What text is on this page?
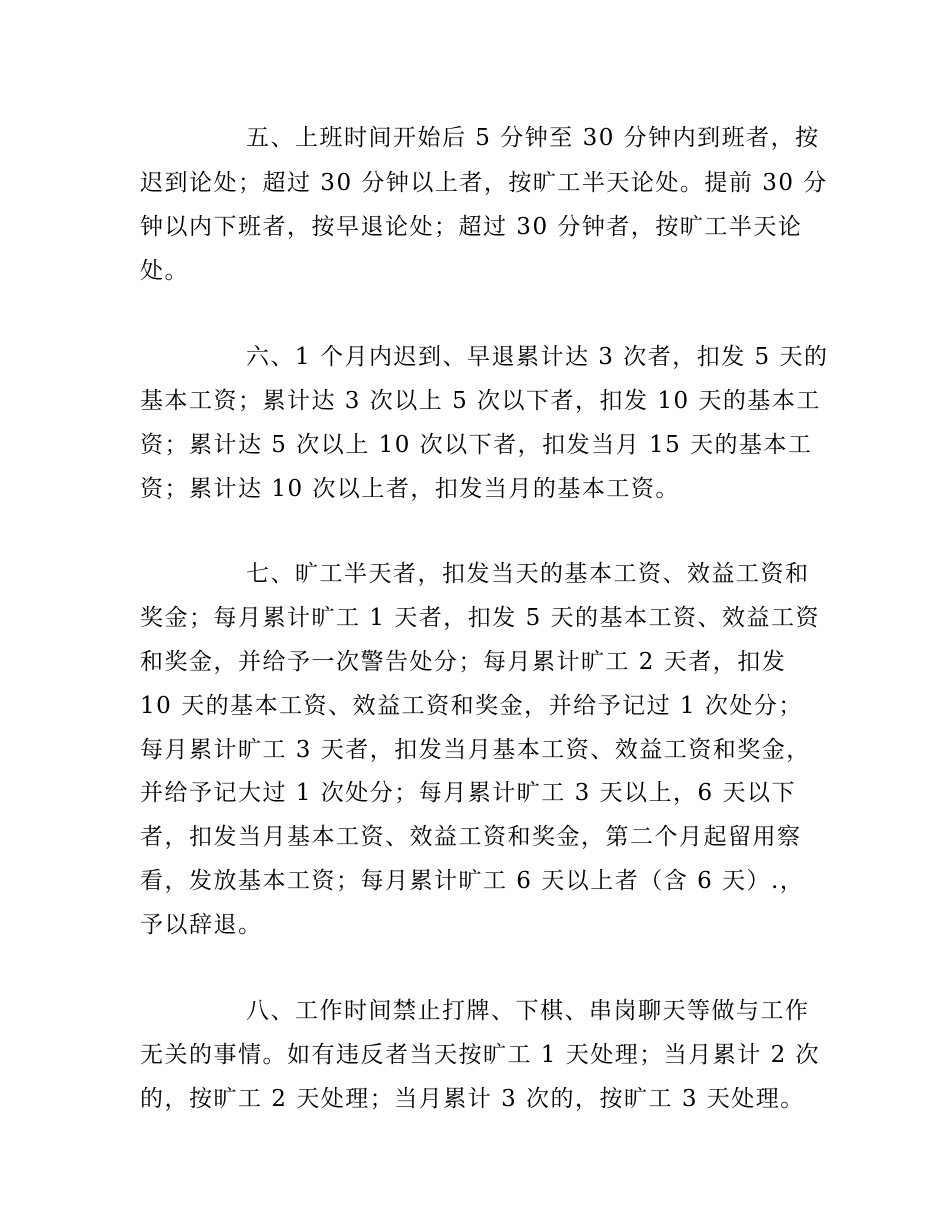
五、上班时间开始后 5 分钟至 30 分钟内到班者，按

迟到论处；超过 30 分钟以上者，按旷工半天论处。提前 30 分

钟以内下班者，按早退论处；超过 30 分钟者，按旷工半天论

处。

六、1 个月内迟到、早退累计达 3 次者，扣发 5 天的

基本工资；累计达 3 次以上 5 次以下者，扣发 10 天的基本工

资；累计达 5 次以上 10 次以下者，扣发当月 15 天的基本工

资；累计达 10 次以上者，扣发当月的基本工资。

七、旷工半天者，扣发当天的基本工资、效益工资和

奖金；每月累计旷工 1 天者，扣发 5 天的基本工资、效益工资

和奖金，并给予一次警告处分；每月累计旷工 2 天者，扣发

10 天的基本工资、效益工资和奖金，并给予记过 1 次处分；

每月累计旷工 3 天者，扣发当月基本工资、效益工资和奖金，

并给予记大过 1 次处分；每月累计旷工 3 天以上，6 天以下

者，扣发当月基本工资、效益工资和奖金，第二个月起留用察

看，发放基本工资；每月累计旷工 6 天以上者（含 6 天）.，

予以辞退。

八、工作时间禁止打牌、下棋、串岗聊天等做与工作

无关的事情。如有违反者当天按旷工 1 天处理；当月累计 2 次

的，按旷工 2 天处理；当月累计 3 次的，按旷工 3 天处理。
